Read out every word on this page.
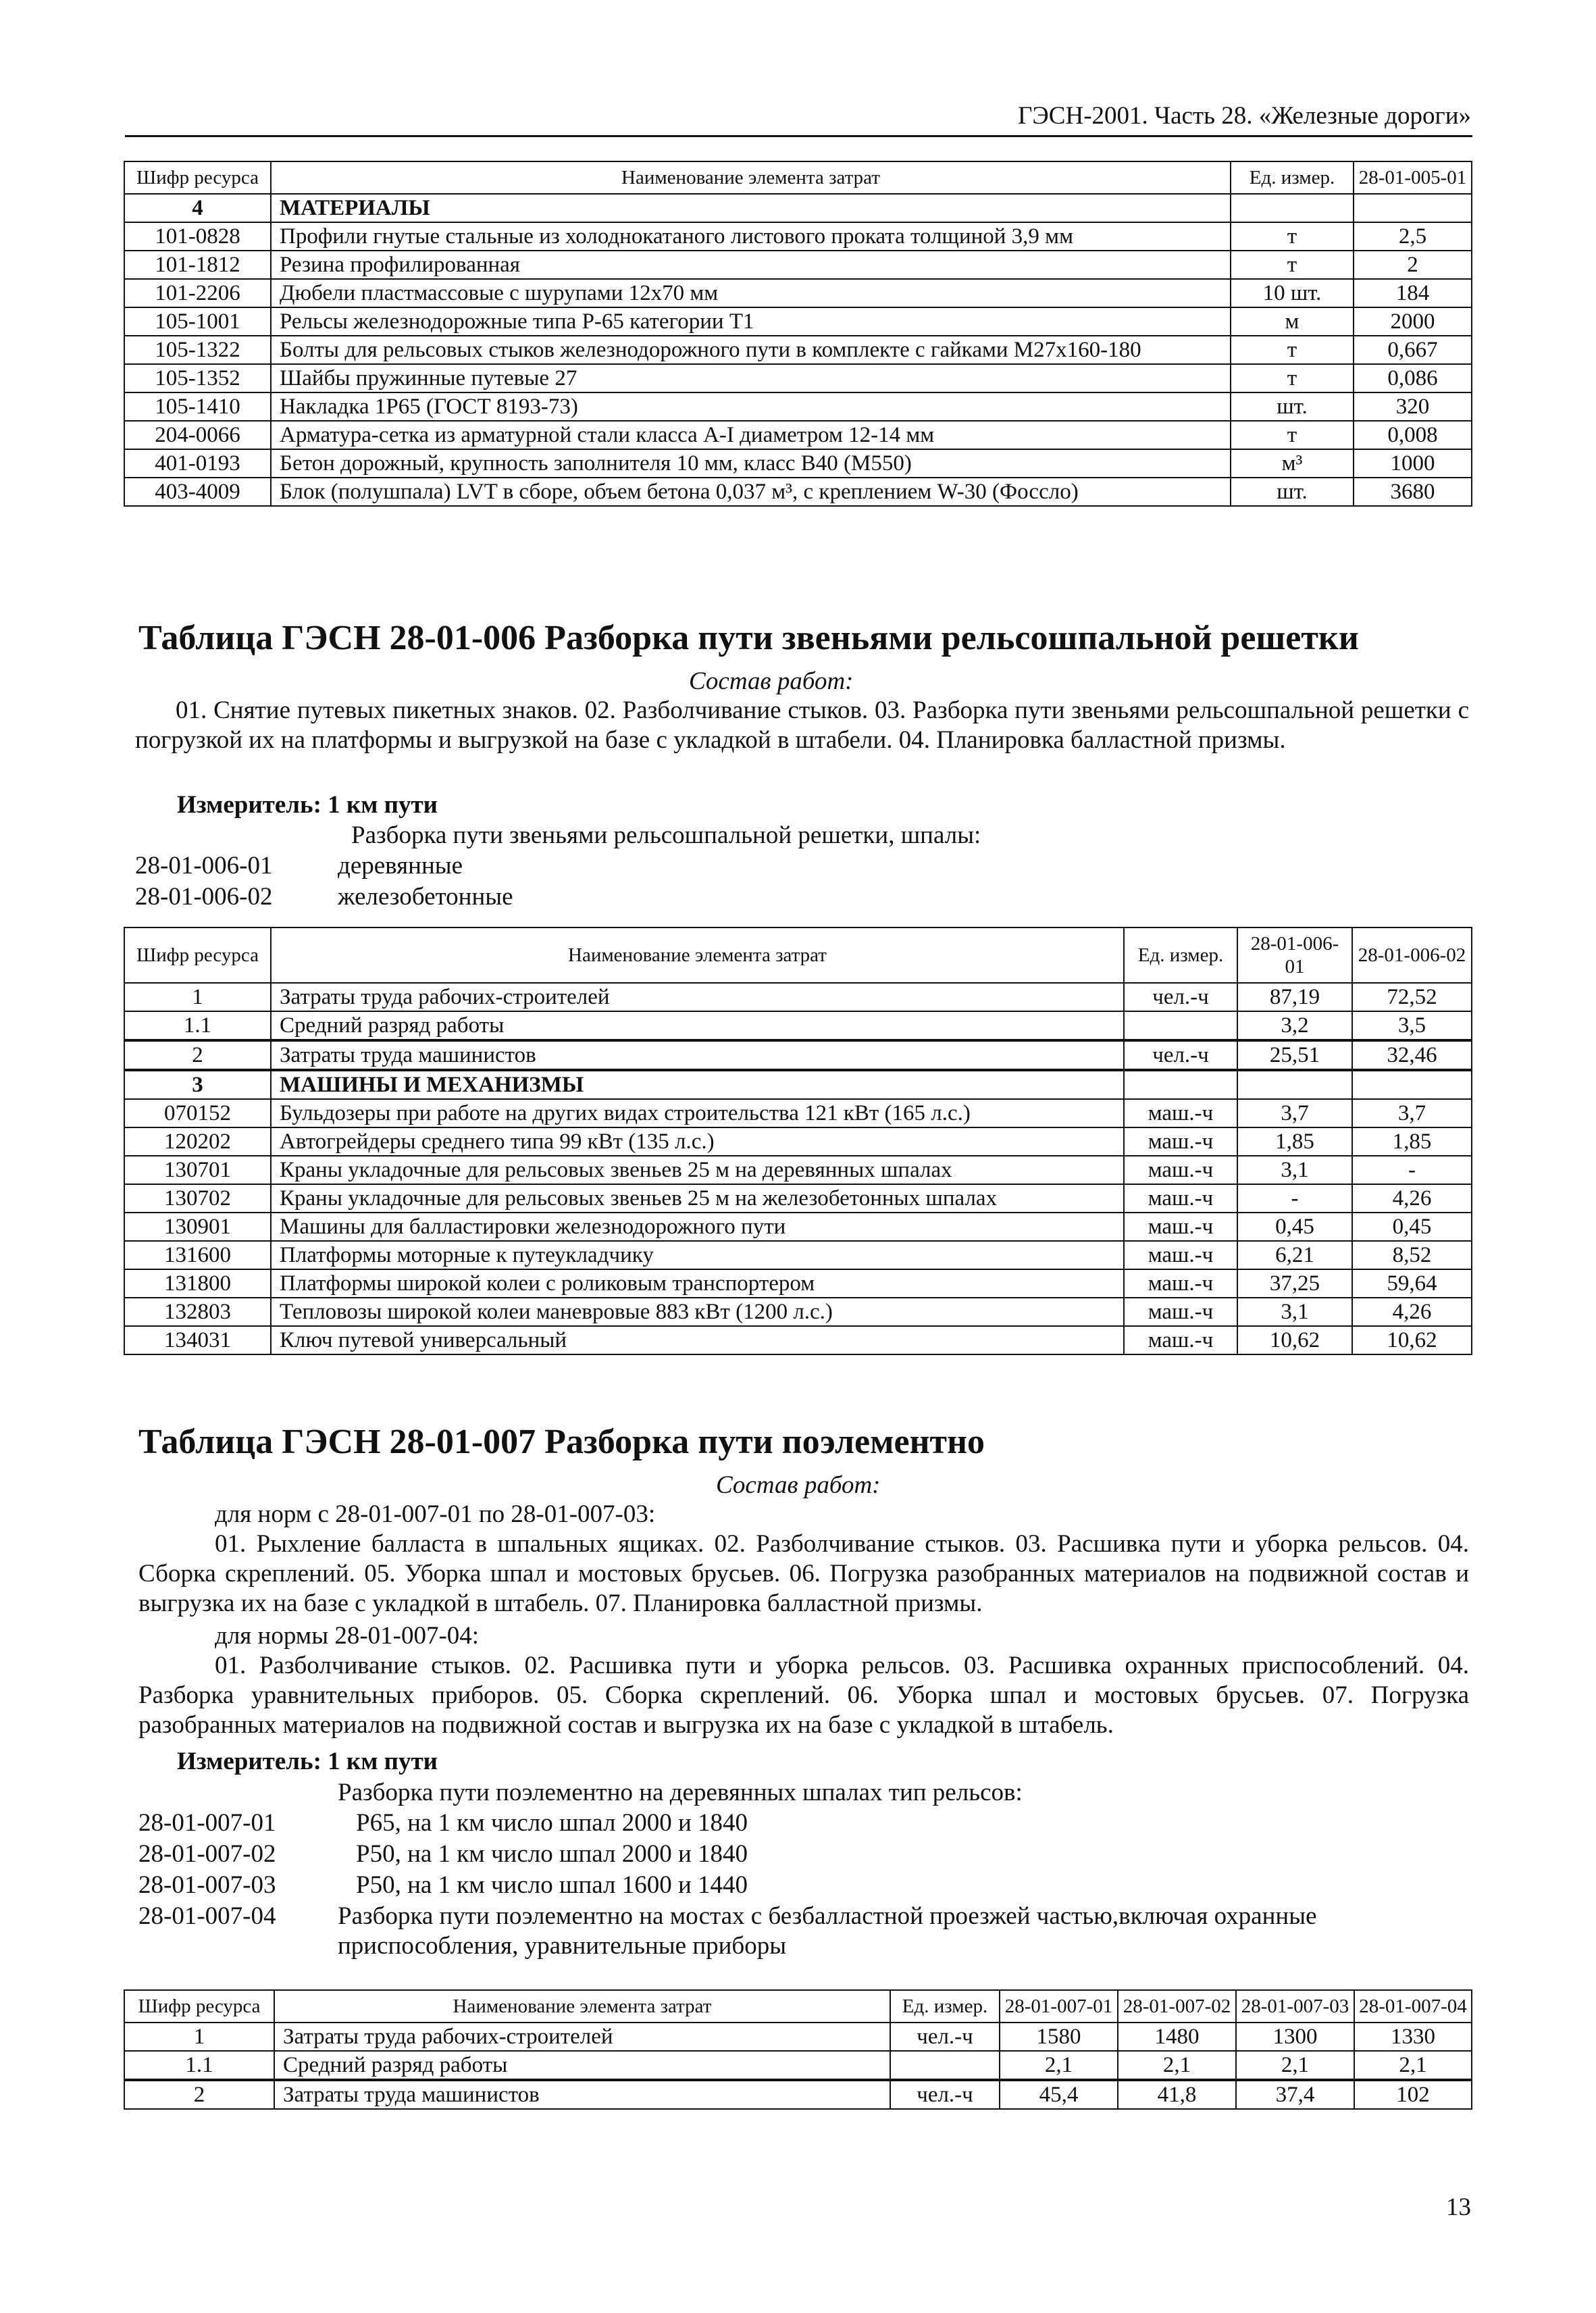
ГЭСН-2001. Часть 28. «Железные дороги»
Шифр ресурса	Наименование элемента затрат	Ед. измер.	28-01-005-01
4	МАТЕРИАЛЫ		
101-0828	Профили гнутые стальные из холоднокатаного листового проката толщиной 3,9 мм	т	2,5
101-1812	Резина профилированная	т	2
101-2206	Дюбели пластмассовые с шурупами 12х70 мм	10 шт.	184
105-1001	Рельсы железнодорожные типа Р-65 категории Т1	м	2000
105-1322	Болты для рельсовых стыков железнодорожного пути в комплекте с гайками М27х160-180	т	0,667
105-1352	Шайбы пружинные путевые 27	т	0,086
105-1410	Накладка 1Р65 (ГОСТ 8193-73)	шт.	320
204-0066	Арматура-сетка из арматурной стали класса А-I диаметром 12-14 мм	т	0,008
401-0193	Бетон дорожный, крупность заполнителя 10 мм, класс В40 (М550)	м³	1000
403-4009	Блок (полушпала) LVT в сборе, объем бетона 0,037 м³, с креплением W-30 (Фоссло)	шт.	3680
Таблица ГЭСН 28-01-006 Разборка пути звеньями рельсошпальной решетки
Состав работ:
01. Снятие путевых пикетных знаков. 02. Разболчивание стыков. 03. Разборка пути звеньями рельсошпальной решетки с погрузкой их на платформы и выгрузкой на базе с укладкой в штабели. 04. Планировка балластной призмы.
Измеритель: 1 км пути
Разборка пути звеньями рельсошпальной решетки, шпалы:
28-01-006-01	деревянные
28-01-006-02	железобетонные
Шифр ресурса	Наименование элемента затрат	Ед. измер.	28-01-006-01	28-01-006-02
1	Затраты труда рабочих-строителей	чел.-ч	87,19	72,52
1.1	Средний разряд работы		3,2	3,5
2	Затраты труда машинистов	чел.-ч	25,51	32,46
3	МАШИНЫ И МЕХАНИЗМЫ			
070152	Бульдозеры при работе на других видах строительства 121 кВт (165 л.с.)	маш.-ч	3,7	3,7
120202	Автогрейдеры среднего типа 99 кВт (135 л.с.)	маш.-ч	1,85	1,85
130701	Краны укладочные для рельсовых звеньев 25 м на деревянных шпалах	маш.-ч	3,1	-
130702	Краны укладочные для рельсовых звеньев 25 м на железобетонных шпалах	маш.-ч	-	4,26
130901	Машины для балластировки железнодорожного пути	маш.-ч	0,45	0,45
131600	Платформы моторные к путеукладчику	маш.-ч	6,21	8,52
131800	Платформы широкой колеи с роликовым транспортером	маш.-ч	37,25	59,64
132803	Тепловозы широкой колеи маневровые 883 кВт (1200 л.с.)	маш.-ч	3,1	4,26
134031	Ключ путевой универсальный	маш.-ч	10,62	10,62
Таблица ГЭСН 28-01-007 Разборка пути поэлементно
Состав работ:
для норм с 28-01-007-01 по 28-01-007-03:
01. Рыхление балласта в шпальных ящиках. 02. Разболчивание стыков. 03. Расшивка пути и уборка рельсов. 04. Сборка скреплений. 05. Уборка шпал и мостовых брусьев. 06. Погрузка разобранных материалов на подвижной состав и выгрузка их на базе с укладкой в штабель. 07. Планировка балластной призмы.
для нормы 28-01-007-04:
01. Разболчивание стыков. 02. Расшивка пути и уборка рельсов. 03. Расшивка охранных приспособлений. 04. Разборка уравнительных приборов. 05. Сборка скреплений. 06. Уборка шпал и мостовых брусьев. 07. Погрузка разобранных материалов на подвижной состав и выгрузка их на базе с укладкой в штабель.
Измеритель: 1 км пути
Разборка пути поэлементно на деревянных шпалах тип рельсов:
28-01-007-01	Р65, на 1 км число шпал 2000 и 1840
28-01-007-02	Р50, на 1 км число шпал 2000 и 1840
28-01-007-03	Р50, на 1 км число шпал 1600 и 1440
28-01-007-04	Разборка пути поэлементно на мостах с безбалластной проезжей частью,включая охранные приспособления, уравнительные приборы
Шифр ресурса	Наименование элемента затрат	Ед. измер.	28-01-007-01	28-01-007-02	28-01-007-03	28-01-007-04
1	Затраты труда рабочих-строителей	чел.-ч	1580	1480	1300	1330
1.1	Средний разряд работы		2,1	2,1	2,1	2,1
2	Затраты труда машинистов	чел.-ч	45,4	41,8	37,4	102
13
